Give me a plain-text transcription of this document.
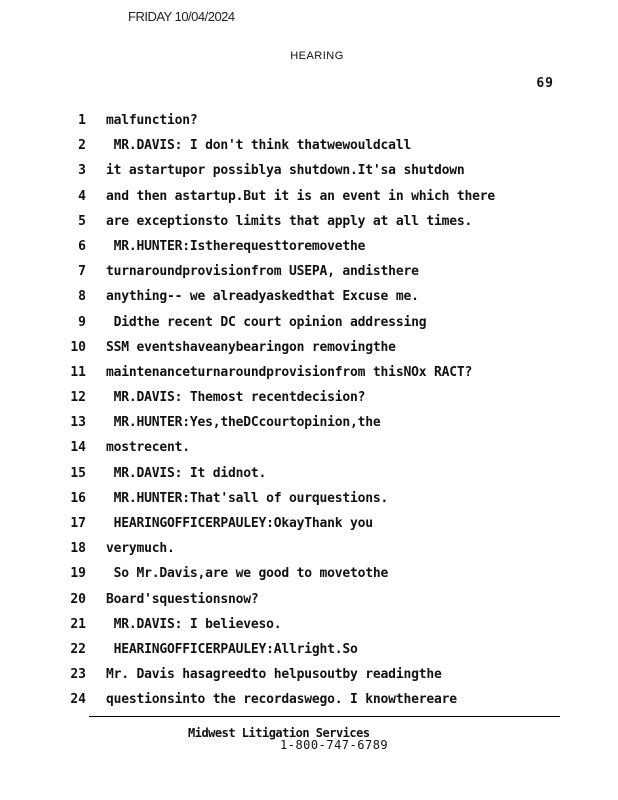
FRIDAY 10/04/2024
HEARING
69
1 malfunction?
2 MR.DAVIS: I don't think thatwewouldcall
3 it astartupor possiblya shutdown.It'sa shutdown
4 and then astartup.But it is an event in which there
5 are exceptionsto limits that apply at all times.
6 MR.HUNTER:Istherequesttoremovethe
7 turnaroundprovisionfrom USEPA, andisthere
8 anything-- we alreadyaskedthat Excuse me.
9 Didthe recent DC court opinion addressing
10 SSM eventshaveanybearingon removingthe
11 maintenanceturnaroundprovisionfrom thisNOx RACT?
12 MR.DAVIS: Themost recentdecision?
13 MR.HUNTER:Yes,theDCcourtopinion,the
14 mostrecent.
15 MR.DAVIS: It didnot.
16 MR.HUNTER:That'sall of ourquestions.
17 HEARINGOFFICERPAULEY:OkayThank you
18 verymuch.
19 So Mr.Davis,are we good to movetothe
20 Board'squestionsnow?
21 MR.DAVIS: I believeso.
22 HEARINGOFFICERPAULEY:Allright.So
23 Mr. Davis hasagreedto helpusoutby readingthe
24 questionsinto the recordaswego. I knowthereare
Midwest Litigation Services
1-800-747-6789
